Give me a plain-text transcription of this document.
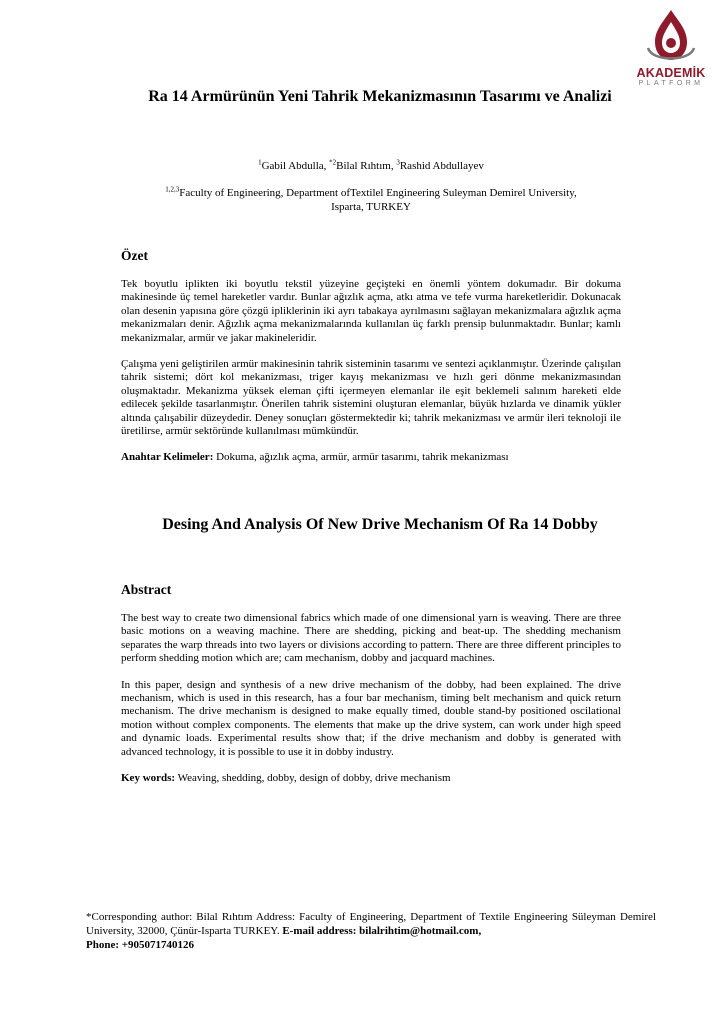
AKADEMİK
PLATFORM
Ra 14 Armürünün Yeni Tahrik Mekanizmasının Tasarımı ve Analizi
$^1$Gabil Abdulla, $^{*2}$Bilal Rıhtım, $^3$Rashid Abdullayev
$^{1,2,3}$Faculty of Engineering, Department ofTextilel Engineering Suleyman Demirel University,
Isparta, TURKEY
Özet

Tek boyutlu iplikten iki boyutlu tekstil yüzeyine geçişteki en önemli yöntem dokumadır. Bir dokuma makinesinde üç temel hareketler vardır. Bunlar ağızlık açma, atkı atma ve tefe vurma hareketleridir. Dokunacak olan desenin yapısına göre çözgü ipliklerinin iki ayrı tabakaya ayrılmasını sağlayan mekanizmalara ağızlık açma mekanizmaları denir. Ağızlık açma mekanizmalarında kullanılan üç farklı prensip bulunmaktadır. Bunlar; kamlı mekanizmalar, armür ve jakar makineleridir.

Çalışma yeni geliştirilen armür makinesinin tahrik sisteminin tasarımı ve sentezi açıklanmıştır. Üzerinde çalışılan tahrik sistemi; dört kol mekanizması, triger kayış mekanizması ve hızlı geri dönme mekanizmasından oluşmaktadır. Mekanizma yüksek eleman çifti içermeyen elemanlar ile eşit beklemeli salınım hareketi elde edilecek şekilde tasarlanmıştır. Önerilen tahrik sistemini oluşturan elemanlar, büyük hızlarda ve dinamik yükler altında çalışabilir düzeydedir. Deney sonuçları göstermektedir ki; tahrik mekanizması ve armür ileri teknoloji ile üretilirse, armür sektöründe kullanılması mümkündür.

Anahtar Kelimeler: Dokuma, ağızlık açma, armür, armür tasarımı, tahrik mekanizması
Desing And Analysis Of New Drive Mechanism Of Ra 14 Dobby
Abstract

The best way to create two dimensional fabrics which made of one dimensional yarn is weaving. There are three basic motions on a weaving machine. There are shedding, picking and beat-up. The shedding mechanism separates the warp threads into two layers or divisions according to pattern. There are three different principles to perform shedding motion which are; cam mechanism, dobby and jacquard machines.

In this paper, design and synthesis of a new drive mechanism of the dobby, had been explained. The drive mechanism, which is used in this research, has a four bar mechanism, timing belt mechanism and quick return mechanism. The drive mechanism is designed to make equally timed, double stand-by positioned oscilational motion without complex components. The elements that make up the drive system, can work under high speed and dynamic loads. Experimental results show that; if the drive mechanism and dobby is generated with advanced technology, it is possible to use it in dobby industry.

Key words: Weaving, shedding, dobby, design of dobby, drive mechanism
*Corresponding author: Bilal Rıhtım Address: Faculty of Engineering, Department of Textile Engineering Süleyman Demirel University, 32000, Çünür-Isparta TURKEY. E-mail address: bilalrihtim@hotmail.com,
Phone: +905071740126
